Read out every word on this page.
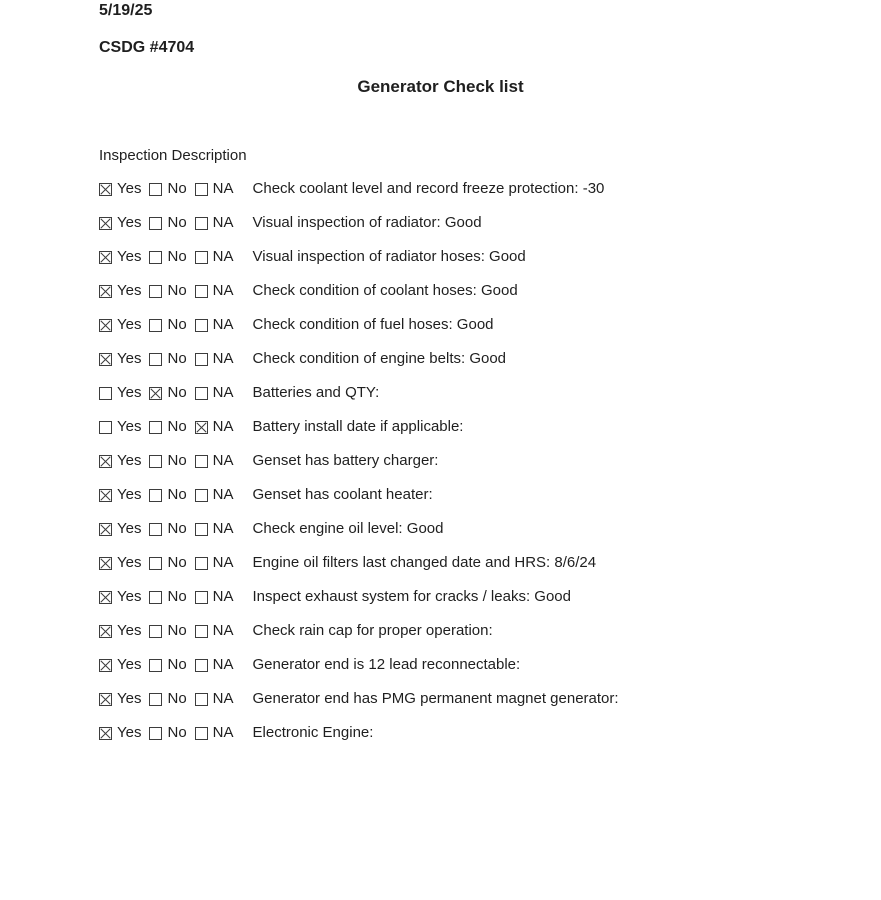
5/19/25
CSDG #4704
Generator Check list
Inspection Description
Yes No NA Check coolant level and record freeze protection: -30
Yes No NA Visual inspection of radiator: Good
Yes No NA Visual inspection of radiator hoses: Good
Yes No NA Check condition of coolant hoses: Good
Yes No NA Check condition of fuel hoses: Good
Yes No NA Check condition of engine belts: Good
Yes No NA Batteries and QTY:
Yes No NA Battery install date if applicable:
Yes No NA Genset has battery charger:
Yes No NA Genset has coolant heater:
Yes No NA Check engine oil level: Good
Yes No NA Engine oil filters last changed date and HRS: 8/6/24
Yes No NA Inspect exhaust system for cracks / leaks: Good
Yes No NA Check rain cap for proper operation:
Yes No NA Generator end is 12 lead reconnectable:
Yes No NA Generator end has PMG permanent magnet generator:
Yes No NA Electronic Engine:
